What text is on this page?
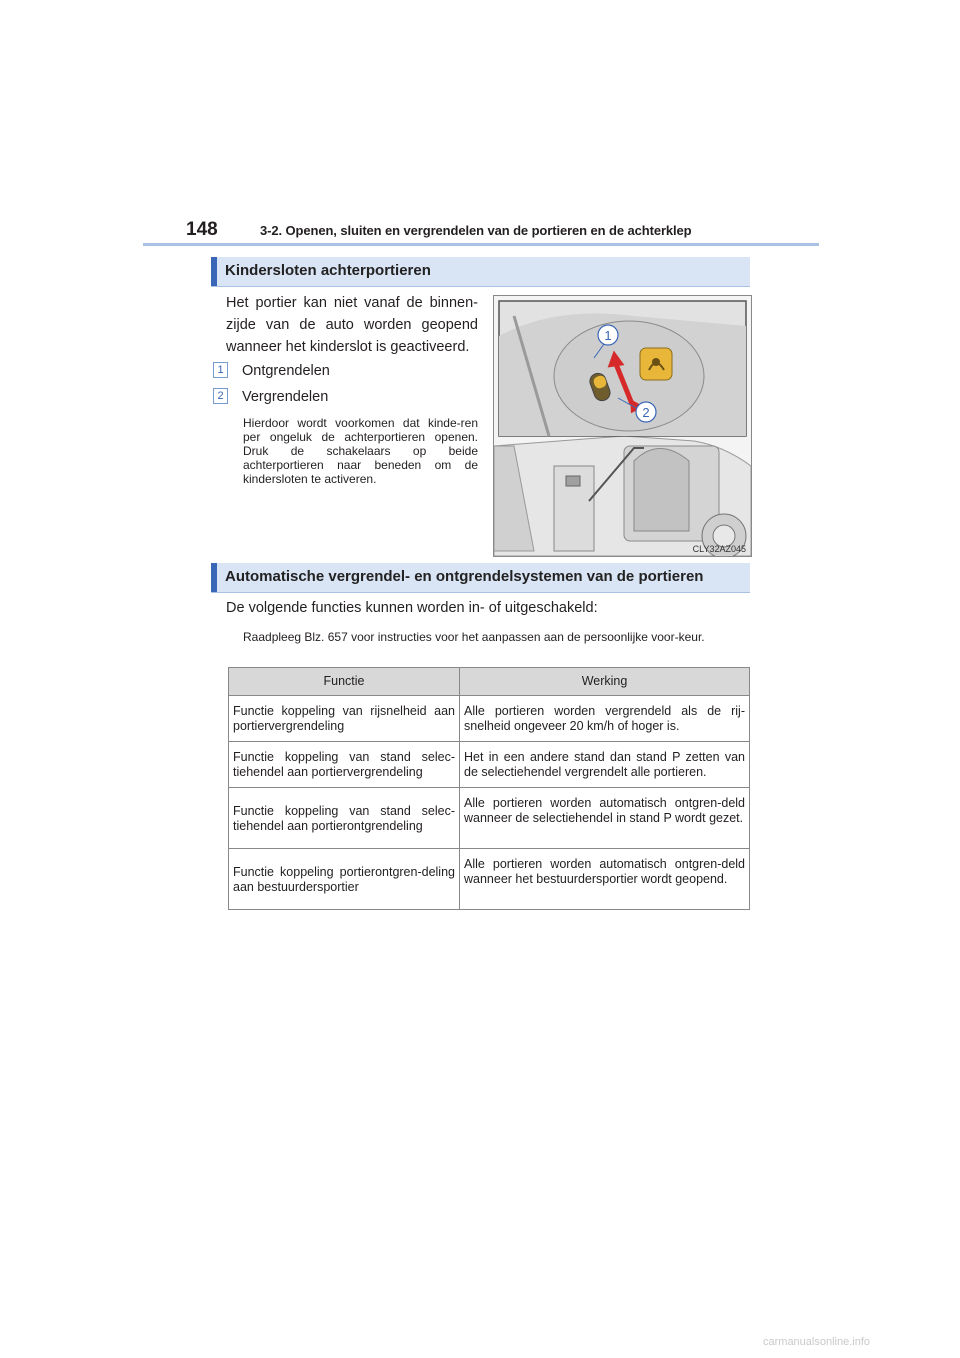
148	3-2. Openen, sluiten en vergrendelen van de portieren en de achterklep
Kindersloten achterportieren
Het portier kan niet vanaf de binnen-zijde van de auto worden geopend wanneer het kinderslot is geactiveerd.
1 Ontgrendelen
2 Vergrendelen
Hierdoor wordt voorkomen dat kinde-ren per ongeluk de achterportieren openen. Druk de schakelaars op beide achterportieren naar beneden om de kindersloten te activeren.
1
2
CLY32AZ045
Automatische vergrendel- en ontgrendelsystemen van de portieren
De volgende functies kunnen worden in- of uitgeschakeld:
Raadpleeg Blz. 657 voor instructies voor het aanpassen aan de persoonlijke voor-keur.
Functie	Werking
Functie koppeling van rijsnelheid aan portiervergrendeling	Alle portieren worden vergrendeld als de rij-snelheid ongeveer 20 km/h of hoger is.
Functie koppeling van stand selec-tiehendel aan portiervergrendeling	Het in een andere stand dan stand P zetten van de selectiehendel vergrendelt alle portieren.
Functie koppeling van stand selec-tiehendel aan portierontgrendeling	Alle portieren worden automatisch ontgren-deld wanneer de selectiehendel in stand P wordt gezet.
Functie koppeling portierontgren-deling aan bestuurdersportier	Alle portieren worden automatisch ontgren-deld wanneer het bestuurdersportier wordt geopend.
carmanualsonline.info
